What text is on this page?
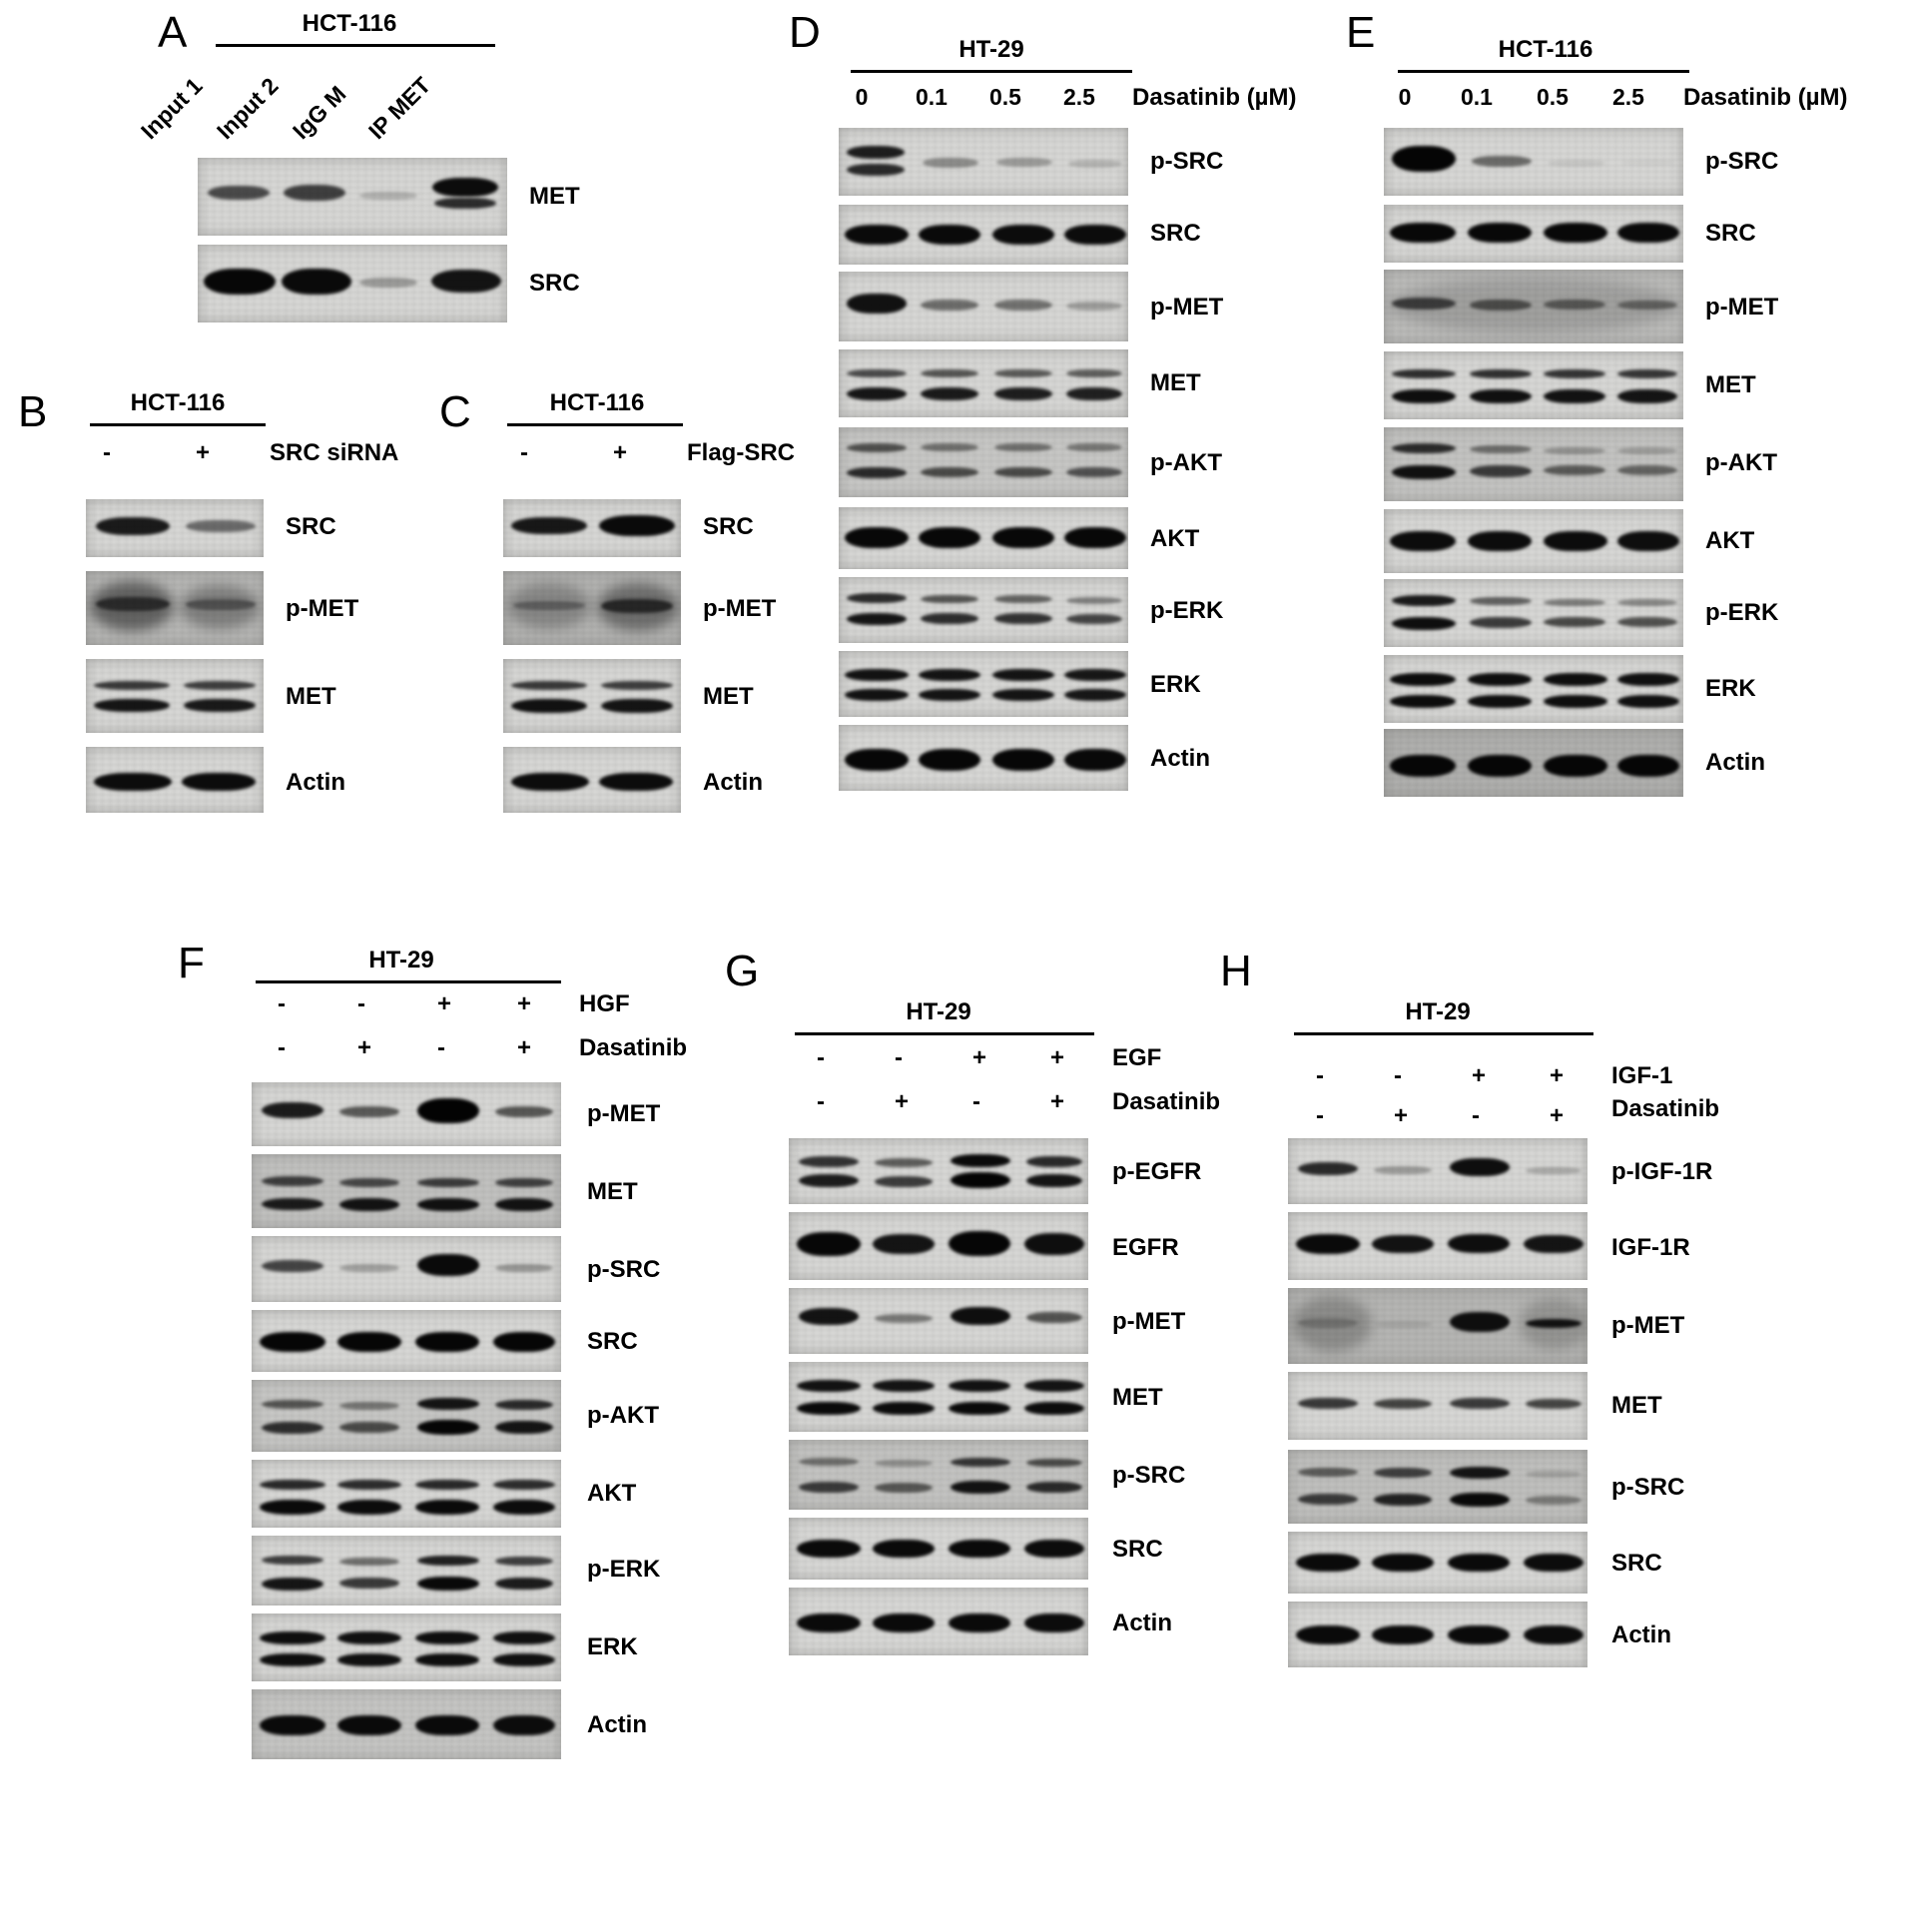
A	HCT-116
Input 1 Input 2 IgG M IP MET
MET
SRC
B	HCT-116
-	+ SRC siRNA
SRC
p-MET
MET
Actin
C	HCT-116
-	+ Flag-SRC
SRC
p-MET
MET
Actin
D	HT-29
0	0.1	0.5	2.5	Dasatinib (µM)
p-SRC
SRC
p-MET
MET
p-AKT
AKT
p-ERK
ERK
Actin
E	HCT-116
0	0.1	0.5	2.5	Dasatinib (µM)
p-SRC
SRC
p-MET
MET
p-AKT
AKT
p-ERK
ERK
Actin
F	HT-29
-	-	+	+ HGF
-	+	-	+ Dasatinib
p-MET
MET
p-SRC
SRC
p-AKT
AKT
p-ERK
ERK
Actin
G
HT-29
-	-	+	+ EGF
-	+	-	+ Dasatinib
p-EGFR
EGFR
p-MET
MET
p-SRC
SRC
Actin
H
HT-29
-	-	+	+ IGF-1
-	+	-	+ Dasatinib
p-IGF-1R
IGF-1R
p-MET
MET
p-SRC
SRC
Actin
